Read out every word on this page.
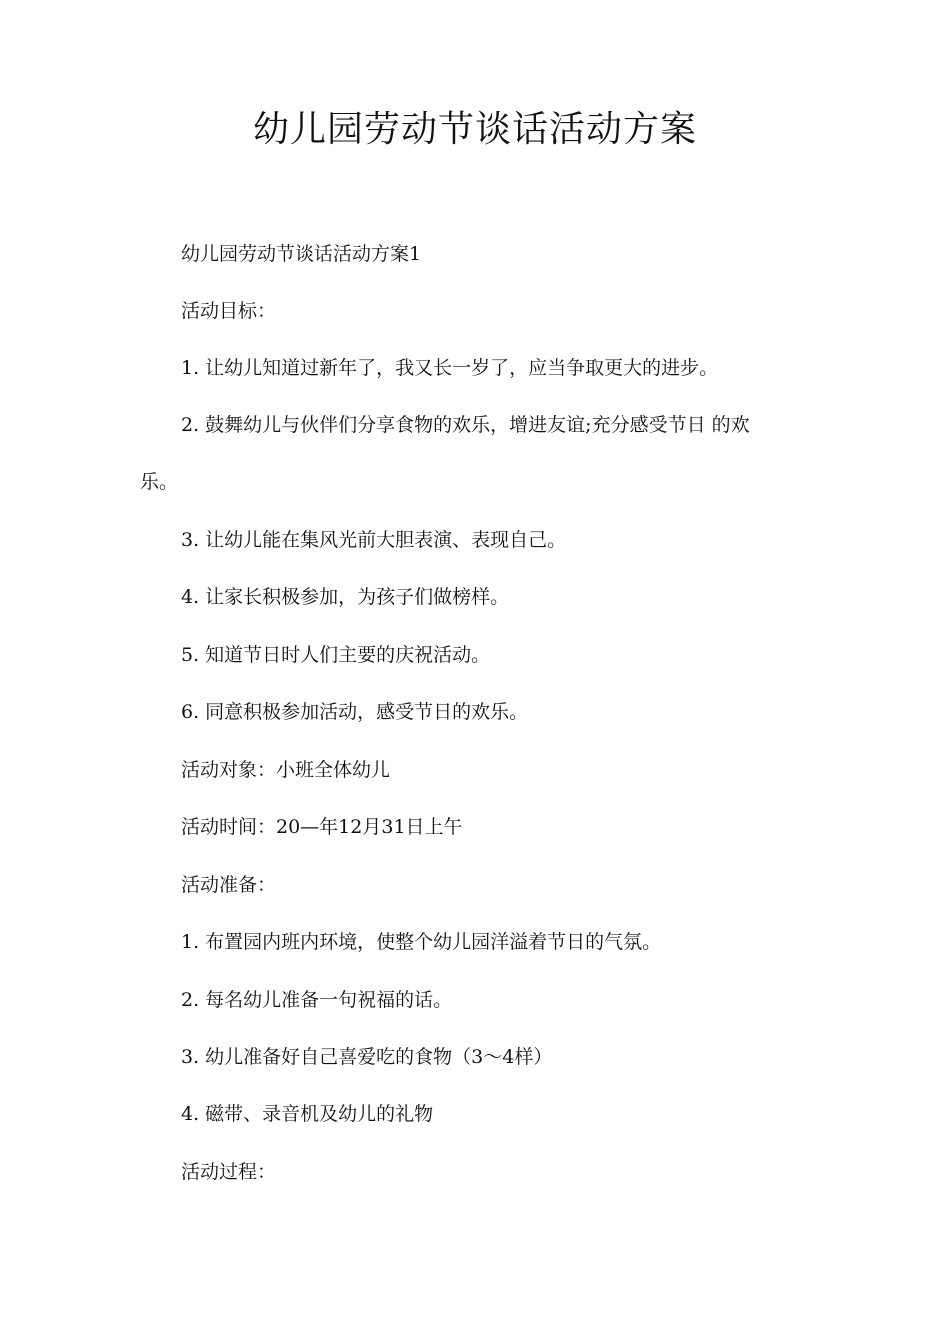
幼儿园劳动节谈话活动方案

幼儿园劳动节谈话活动方案1

活动目标：

1. 让幼儿知道过新年了，我又长一岁了，应当争取更大的进步。

2. 鼓舞幼儿与伙伴们分享食物的欢乐，增进友谊;充分感受节日 的欢

乐。

3. 让幼儿能在集风光前大胆表演、表现自己。

4. 让家长积极参加，为孩子们做榜样。

5. 知道节日时人们主要的庆祝活动。

6. 同意积极参加活动，感受节日的欢乐。

活动对象：小班全体幼儿

活动时间：20—年12月31日上午

活动准备：

1. 布置园内班内环境，使整个幼儿园洋溢着节日的气氛。

2. 每名幼儿准备一句祝福的话。

3. 幼儿准备好自己喜爱吃的食物（3〜4样）

4. 磁带、录音机及幼儿的礼物

活动过程：
